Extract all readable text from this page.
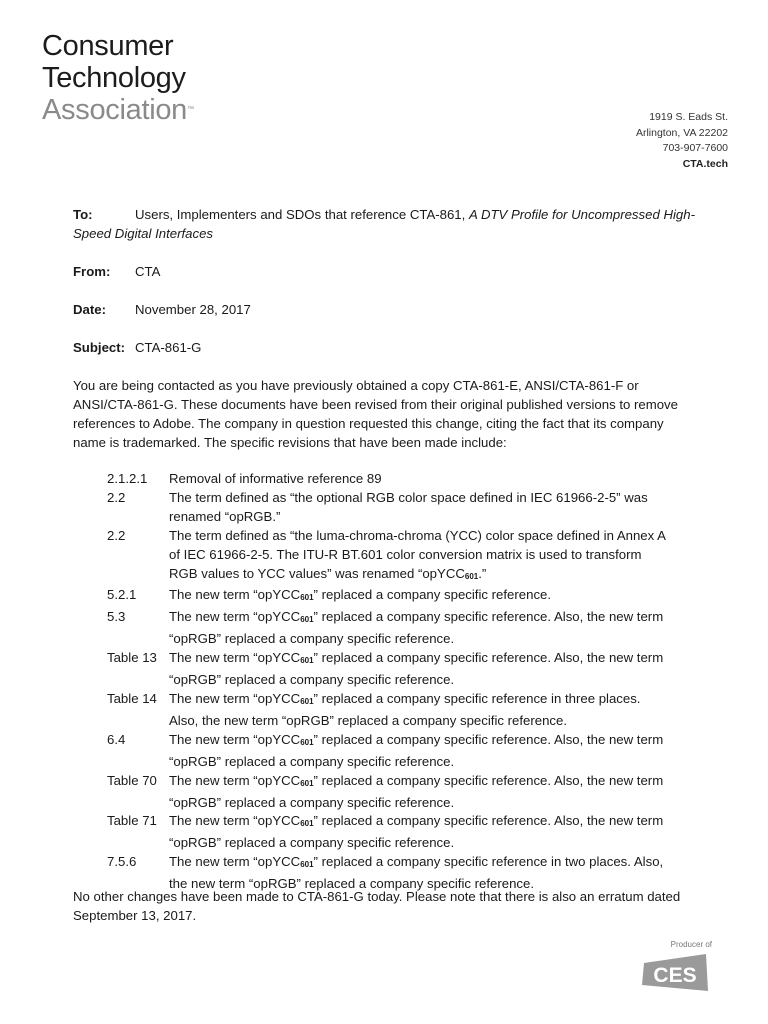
Consumer
Technology
Association™
1919 S. Eads St.
Arlington, VA 22202
703-907-7600
CTA.tech
To:	Users, Implementers and SDOs that reference CTA-861, A DTV Profile for Uncompressed High-Speed Digital Interfaces
From: CTA
Date: November 28, 2017
Subject: CTA-861-G
You are being contacted as you have previously obtained a copy CTA-861-E, ANSI/CTA-861-F or ANSI/CTA-861-G. These documents have been revised from their original published versions to remove references to Adobe. The company in question requested this change, citing the fact that its company name is trademarked. The specific revisions that have been made include:
2.1.2.1	Removal of informative reference 89
2.2	The term defined as “the optional RGB color space defined in IEC 61966-2-5” was renamed “opRGB.”
2.2	The term defined as “the luma-chroma-chroma (YCC) color space defined in Annex A of IEC 61966-2-5. The ITU-R BT.601 color conversion matrix is used to transform RGB values to YCC values” was renamed “opYCC$_{601}$.”
5.2.1	The new term “opYCC$_{601}$” replaced a company specific reference.
5.3	The new term “opYCC$_{601}$” replaced a company specific reference. Also, the new term “opRGB” replaced a company specific reference.
Table 13 The new term “opYCC$_{601}$” replaced a company specific reference. Also, the new term “opRGB” replaced a company specific reference.
Table 14 The new term “opYCC$_{601}$” replaced a company specific reference in three places. Also, the new term “opRGB” replaced a company specific reference.
6.4	The new term “opYCC$_{601}$” replaced a company specific reference. Also, the new term “opRGB” replaced a company specific reference.
Table 70 The new term “opYCC$_{601}$” replaced a company specific reference. Also, the new term “opRGB” replaced a company specific reference.
Table 71 The new term “opYCC$_{601}$” replaced a company specific reference. Also, the new term “opRGB” replaced a company specific reference.
7.5.6	The new term “opYCC$_{601}$” replaced a company specific reference in two places. Also, the new term “opRGB” replaced a company specific reference.
No other changes have been made to CTA-861-G today. Please note that there is also an erratum dated September 13, 2017.
Producer of
CES
